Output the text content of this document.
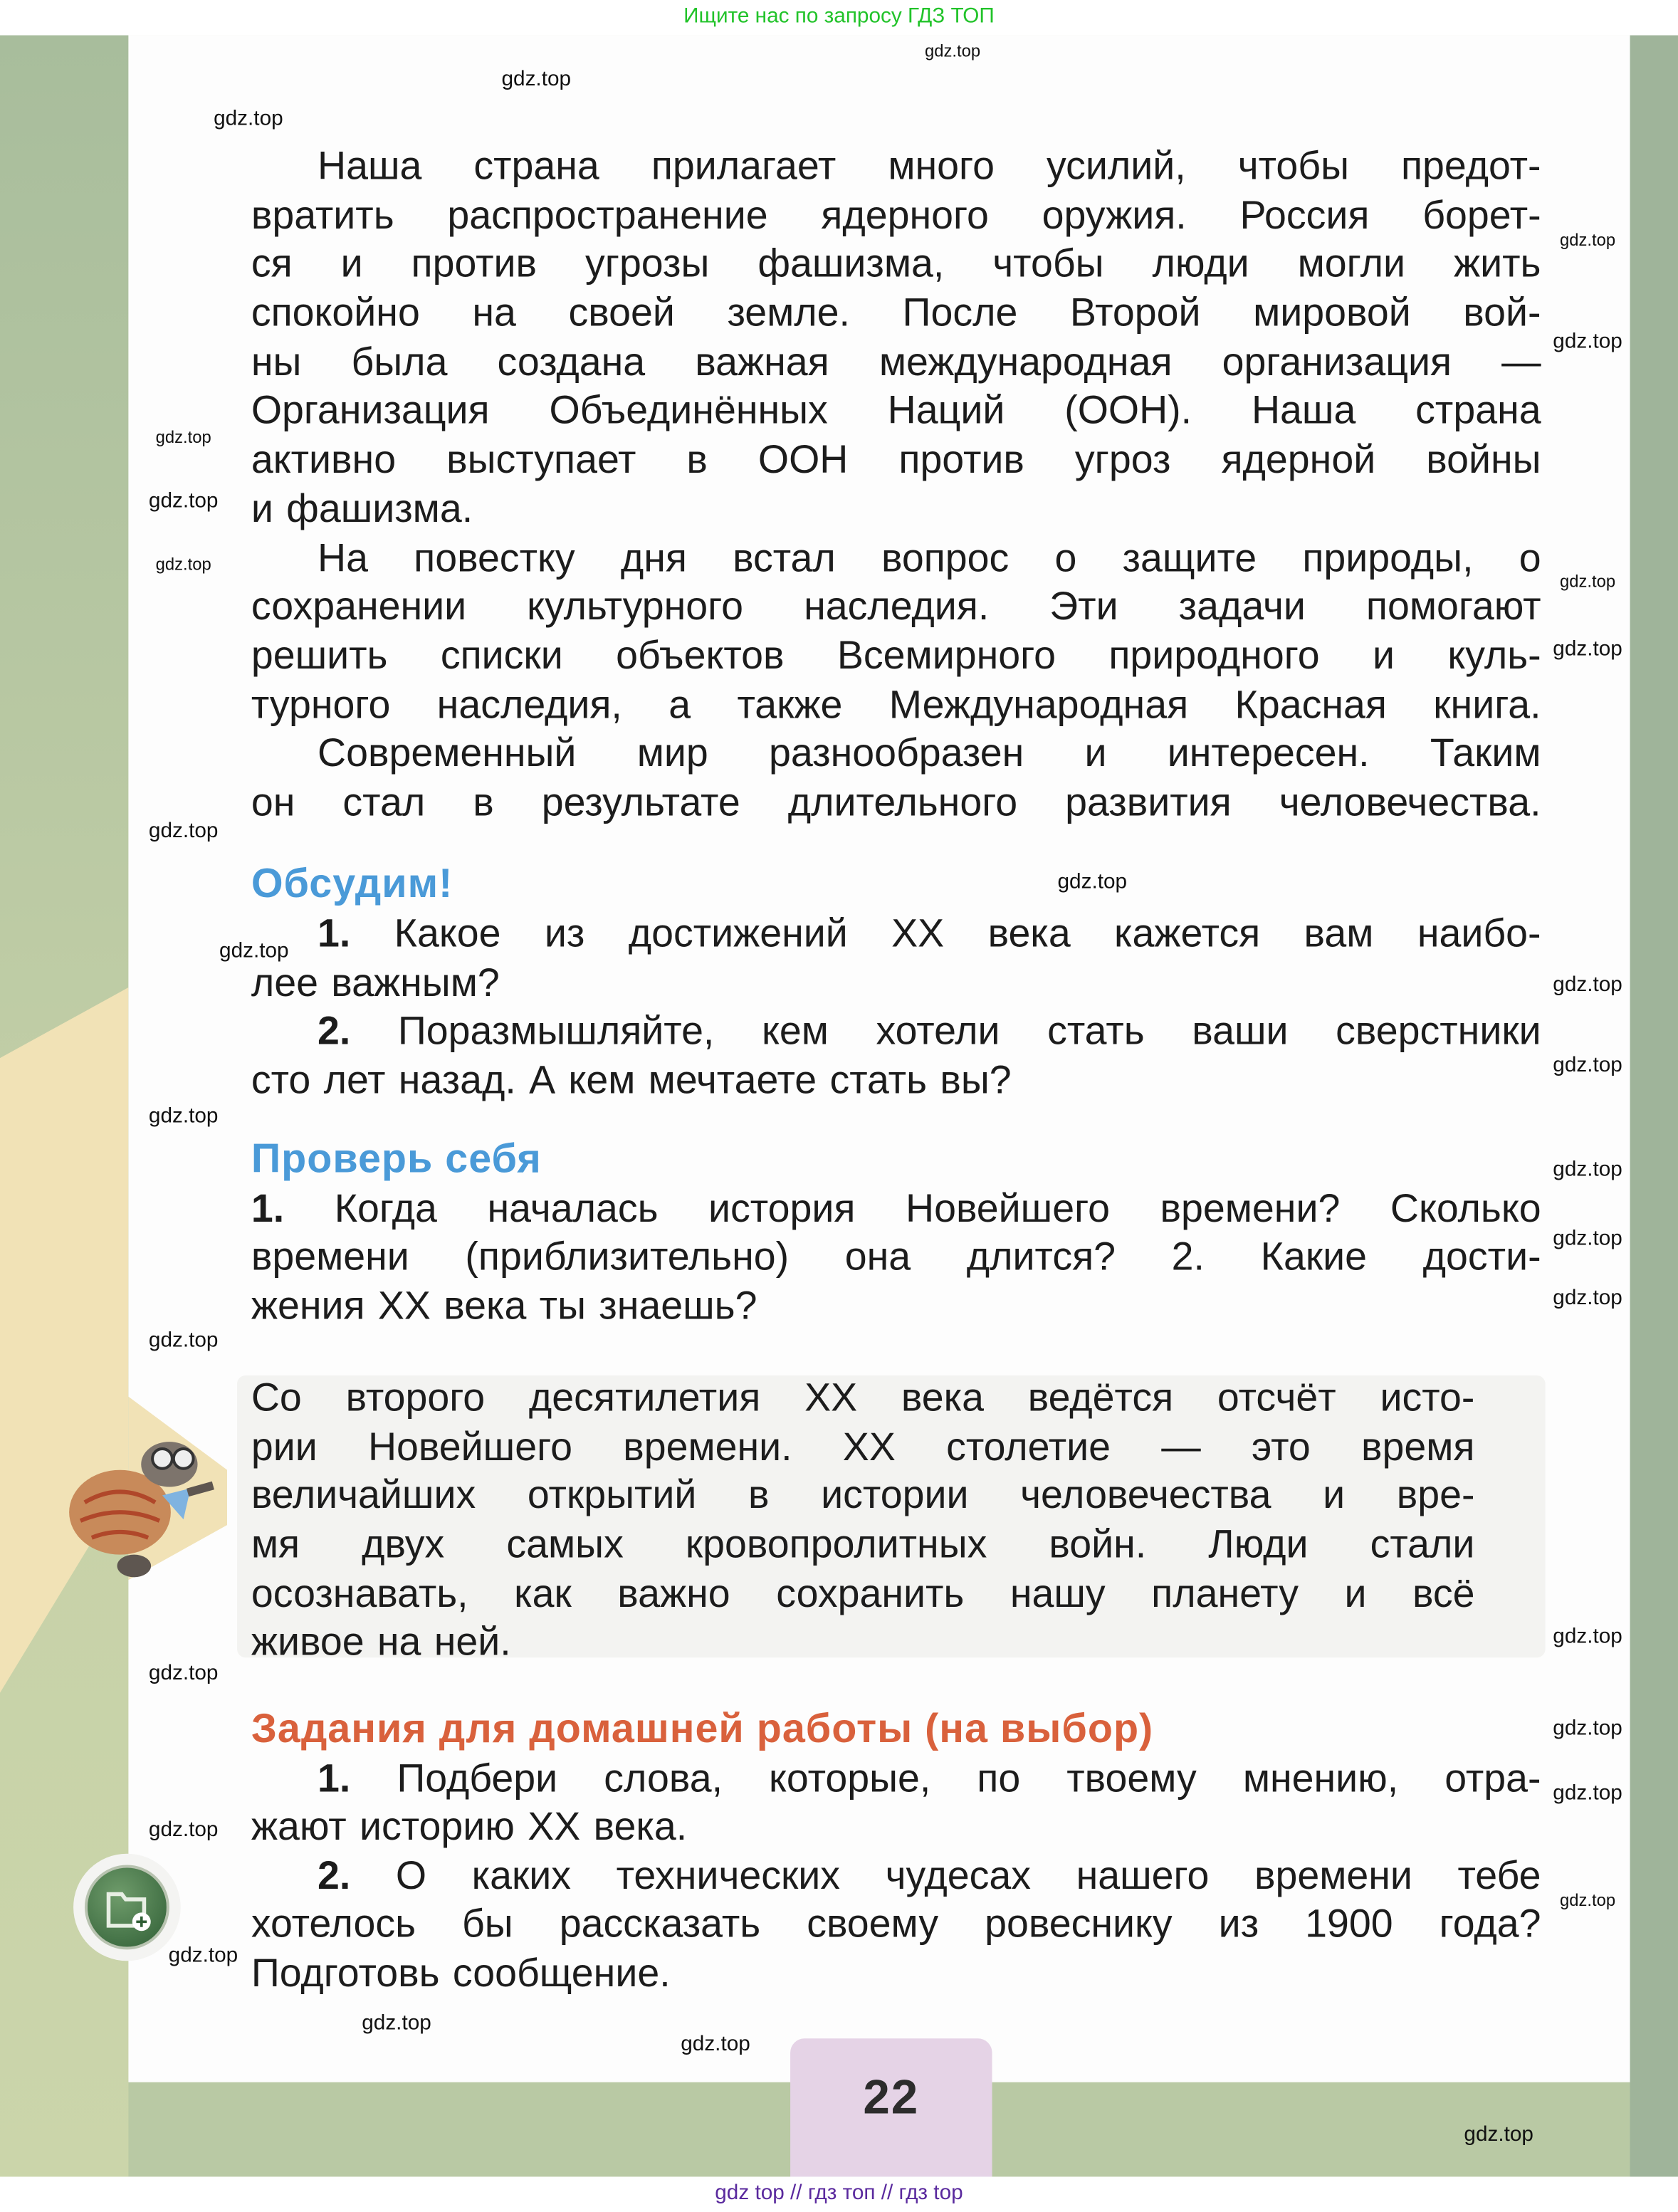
Ищите нас по запросу ГДЗ ТОП
Обсудим!
Проверь себя
Задания для домашней работы (на выбор)
Наша	страна	прилагает	много	усилий,	чтобы	предот-
вратить	распространение	ядерного	оружия.	Россия	борет-
ся и против угрозы фашизма, чтобы люди могли жить
спокойно	на	своей	земле.	После	Второй	мировой	вой-
ны	была	создана	важная	международная	организация	—
Организация	Объединённых	Наций	(ООН).	Наша	страна
активно	выступает	в	ООН	против	угроз	ядерной	войны
и фашизма.
На повестку дня встал вопрос о защите природы, о
сохранении	культурного	наследия.	Эти	задачи	помогают
решить	списки	объектов	Всемирного	природного	и	куль-
турного наследия, а также Международная Красная книга.
Современный	мир	разнообразен	и	интересен.	Таким
он стал в результате длительного развития человечества.
1. Какое из достижений XX века кажется вам наибо-
лее важным?
2. Поразмышляйте, кем хотели стать ваши сверстники
сто лет назад. А кем мечтаете стать вы?
1.	Когда	началась	история	Новейшего	времени?	Сколько
времени	(приблизительно)	она	длится?	2.	Какие	дости-
жения XX века ты знаешь?
Со второго десятилетия XX века ведётся отсчёт исто-
рии	Новейшего	времени.	XX	столетие	—	это	время
величайших	открытий	в	истории	человечества	и	вре-
мя	двух	самых	кровопролитных	войн.	Люди	стали
осознавать, как важно сохранить нашу планету и всё
живое на ней.
1. Подбери слова, которые, по твоему мнению, отра-
жают историю XX века.
2. О каких технических чудесах нашего времени тебе
хотелось бы рассказать своему ровеснику из 1900 года?
Подготовь сообщение.
22
gdz top // гдз топ // гдз top
gdz.top
gdz.top
gdz.top
gdz.top
gdz.top
gdz.top
gdz.top
gdz.top
gdz.top
gdz.top
gdz.top
gdz.top
gdz.top
gdz.top
gdz.top
gdz.top
gdz.top
gdz.top
gdz.top
gdz.top
gdz.top
gdz.top
gdz.top
gdz.top
gdz.top
gdz.top
gdz.top
gdz.top
gdz.top
gdz.top
